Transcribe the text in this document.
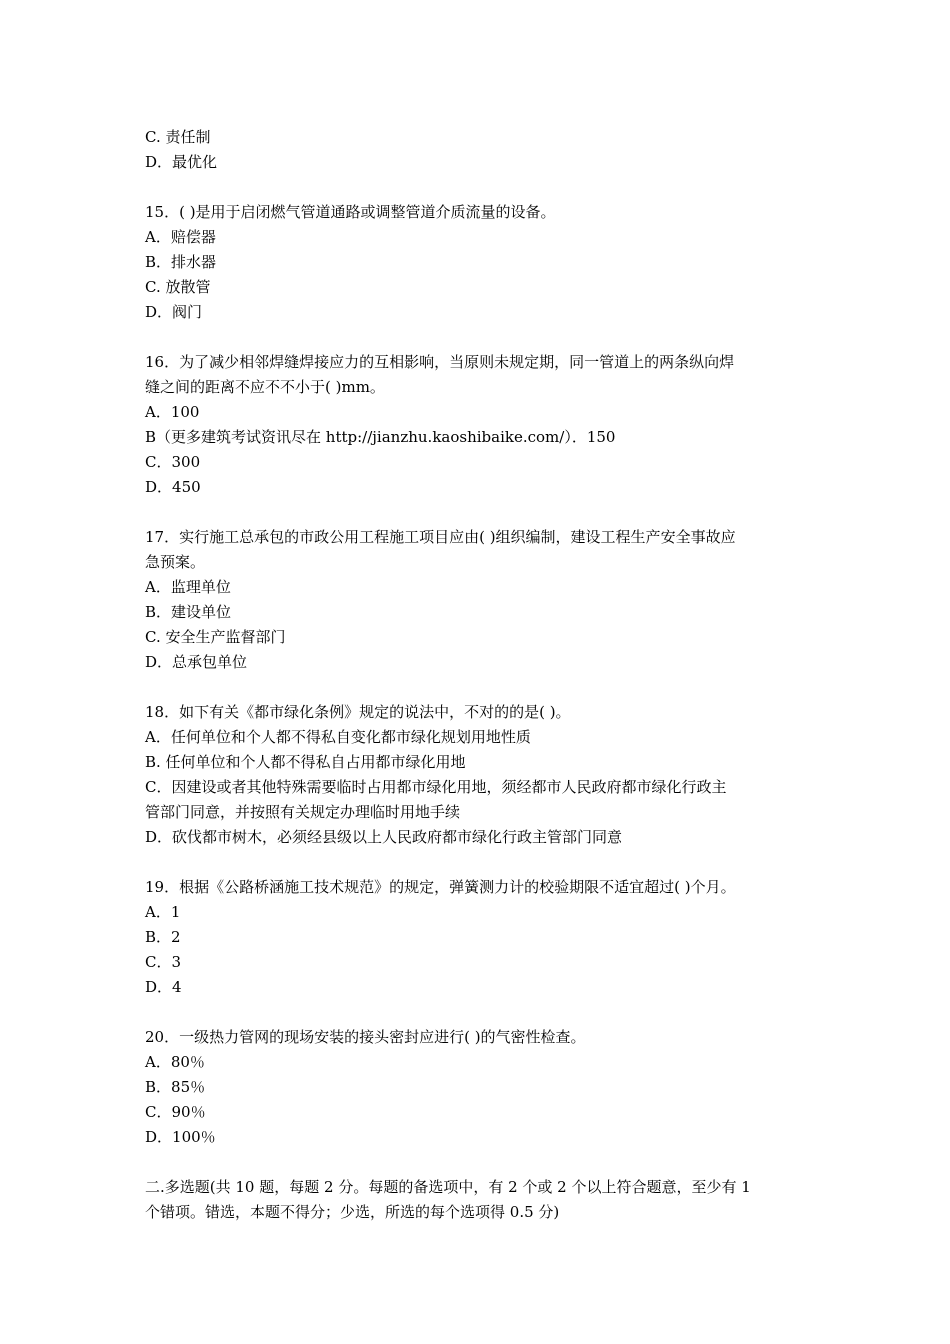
C. 责任制
D．最优化
15．( )是用于启闭燃气管道通路或调整管道介质流量的设备。
A．赔偿器
B．排水器
C. 放散管
D．阀门
16．为了减少相邻焊缝焊接应力的互相影响，当原则未规定期，同一管道上的两条纵向焊
缝之间的距离不应不不小于( )mm。
A．100
B（更多建筑考试资讯尽在 http://jianzhu.kaoshibaike.com/）．150
C．300
D．450
17．实行施工总承包的市政公用工程施工项目应由( )组织编制，建设工程生产安全事故应
急预案。
A．监理单位
B．建设单位
C. 安全生产监督部门
D．总承包单位
18．如下有关《都市绿化条例》规定的说法中，不对的的是( )。
A．任何单位和个人都不得私自变化都市绿化规划用地性质
B. 任何单位和个人都不得私自占用都市绿化用地
C．因建设或者其他特殊需要临时占用都市绿化用地，须经都市人民政府都市绿化行政主
管部门同意，并按照有关规定办理临时用地手续
D．砍伐都市树木，必须经县级以上人民政府都市绿化行政主管部门同意
19．根据《公路桥涵施工技术规范》的规定，弹簧测力计的校验期限不适宜超过( )个月。
A．1
B．2
C．3
D．4
20．一级热力管网的现场安装的接头密封应进行( )的气密性检查。
A．80％
B．85％
C．90％
D．100％
二.多选题(共 10 题，每题 2 分。每题的备选项中，有 2 个或 2 个以上符合题意，至少有 1
个错项。错选，本题不得分；少选，所选的每个选项得 0.5 分)
